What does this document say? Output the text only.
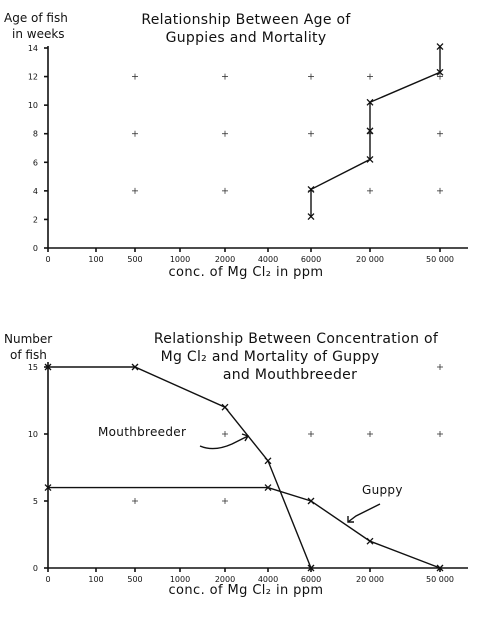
Relationship Between Age of
Guppies and Mortality
Age of fish
in weeks
0
2
4
6
8
10
12
14
0	100	500	1000	2000	4000	6000	20 000	50 000
conc. of Mg Cl₂ in ppm
Relationship Between Concentration of
Mg Cl₂ and Mortality of Guppy
and Mouthbreeder
Number
of fish
0
5
10
15
0	100	500	1000	2000	4000	6000	20 000	50 000
Mouthbreeder
Guppy
conc. of Mg Cl₂ in ppm
